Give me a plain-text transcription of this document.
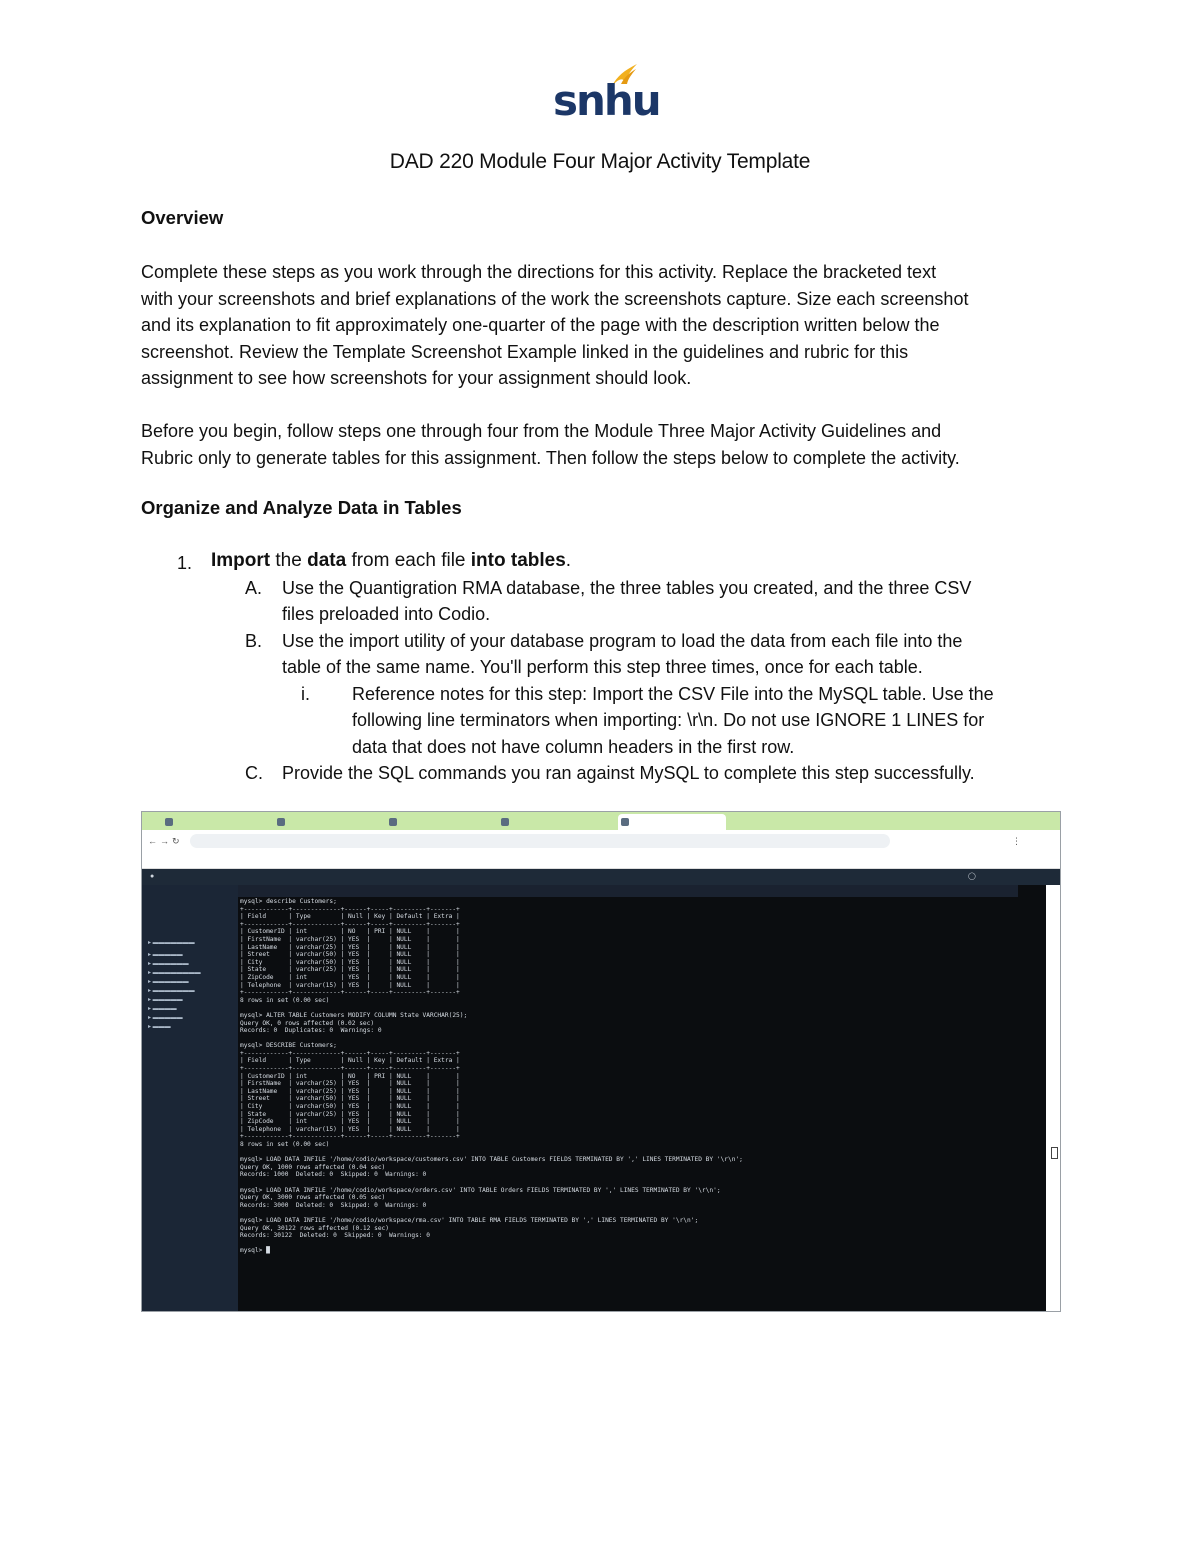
snhu
DAD 220 Module Four Major Activity Template
Overview

Complete these steps as you work through the directions for this activity. Replace the bracketed text

with your screenshots and brief explanations of the work the screenshots capture. Size each screenshot

and its explanation to fit approximately one-quarter of the page with the description written below the

screenshot. Review the Template Screenshot Example linked in the guidelines and rubric for this

assignment to see how screenshots for your assignment should look.

Before you begin, follow steps one through four from the Module Three Major Activity Guidelines and

Rubric only to generate tables for this assignment. Then follow the steps below to complete the activity.

Organize and Analyze Data in Tables
1. Import the data from each file into tables.
A. Use the Quantigration RMA database, the three tables you created, and the three CSV
files preloaded into Codio.
B. Use the import utility of your database program to load the data from each file into the
table of the same name. You'll perform this step three times, once for each table.
i. Reference notes for this step: Import the CSV File into the MySQL table. Use the
following line terminators when importing: \r\n. Do not use IGNORE 1 LINES for
data that does not have column headers in the first row.
C. Provide the SQL commands you ran against MySQL to complete this step successfully.
← → ↻	⋮
●	◯
▸ ▬▬▬▬▬▬▬
▸ ▬▬▬▬▬
▸ ▬▬▬▬▬▬
▸ ▬▬▬▬▬▬▬▬
▸ ▬▬▬▬▬▬
▸ ▬▬▬▬▬▬▬
▸ ▬▬▬▬▬
▸ ▬▬▬▬
▸ ▬▬▬▬▬
▸ ▬▬▬
mysql> describe Customers;
+------------+-------------+------+-----+---------+-------+
| Field      | Type        | Null | Key | Default | Extra |
+------------+-------------+------+-----+---------+-------+
| CustomerID | int         | NO   | PRI | NULL    |       |
| FirstName  | varchar(25) | YES  |     | NULL    |       |
| LastName   | varchar(25) | YES  |     | NULL    |       |
| Street     | varchar(50) | YES  |     | NULL    |       |
| City       | varchar(50) | YES  |     | NULL    |       |
| State      | varchar(25) | YES  |     | NULL    |       |
| ZipCode    | int         | YES  |     | NULL    |       |
| Telephone  | varchar(15) | YES  |     | NULL    |       |
+------------+-------------+------+-----+---------+-------+
8 rows in set (0.00 sec)

mysql> ALTER TABLE Customers MODIFY COLUMN State VARCHAR(25);
Query OK, 0 rows affected (0.02 sec)
Records: 0  Duplicates: 0  Warnings: 0

mysql> DESCRIBE Customers;
+------------+-------------+------+-----+---------+-------+
| Field      | Type        | Null | Key | Default | Extra |
+------------+-------------+------+-----+---------+-------+
| CustomerID | int         | NO   | PRI | NULL    |       |
| FirstName  | varchar(25) | YES  |     | NULL    |       |
| LastName   | varchar(25) | YES  |     | NULL    |       |
| Street     | varchar(50) | YES  |     | NULL    |       |
| City       | varchar(50) | YES  |     | NULL    |       |
| State      | varchar(25) | YES  |     | NULL    |       |
| ZipCode    | int         | YES  |     | NULL    |       |
| Telephone  | varchar(15) | YES  |     | NULL    |       |
+------------+-------------+------+-----+---------+-------+
8 rows in set (0.00 sec)

mysql> LOAD DATA INFILE '/home/codio/workspace/customers.csv' INTO TABLE Customers FIELDS TERMINATED BY ',' LINES TERMINATED BY '\r\n';
Query OK, 1000 rows affected (0.04 sec)
Records: 1000  Deleted: 0  Skipped: 0  Warnings: 0

mysql> LOAD DATA INFILE '/home/codio/workspace/orders.csv' INTO TABLE Orders FIELDS TERMINATED BY ',' LINES TERMINATED BY '\r\n';
Query OK, 3000 rows affected (0.05 sec)
Records: 3000  Deleted: 0  Skipped: 0  Warnings: 0

mysql> LOAD DATA INFILE '/home/codio/workspace/rma.csv' INTO TABLE RMA FIELDS TERMINATED BY ',' LINES TERMINATED BY '\r\n';
Query OK, 30122 rows affected (0.12 sec)
Records: 30122  Deleted: 0  Skipped: 0  Warnings: 0

mysql> █
